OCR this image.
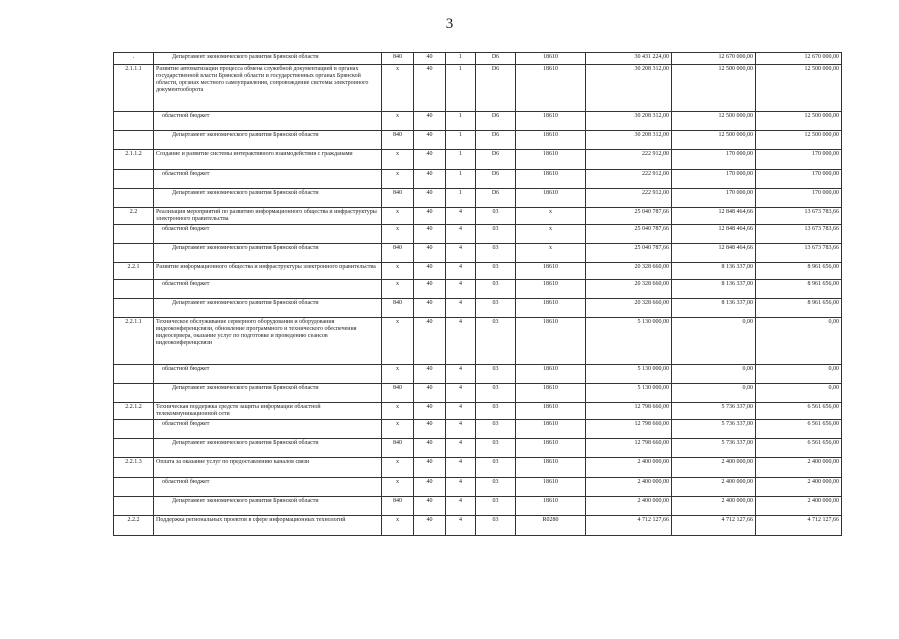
3
.	Департамент экономического развития Брянской области	840	40	1	D6	18610	30 431 224,00	12 670 000,00	12 670 000,00
2.1.1.1	Развитие автоматизации процесса обмена служебной документацией в органах государственной власти Брянской области и государственных органах Брянской области, органах местного самоуправления, сопровождение системы электронного документооборота	x	40	1	D6	18610	30 208 312,00	12 500 000,00	12 500 000,00
	областной бюджет	x	40	1	D6	18610	30 208 312,00	12 500 000,00	12 500 000,00
	Департамент экономического развития Брянской области	840	40	1	D6	18610	30 208 312,00	12 500 000,00	12 500 000,00
2.1.1.2	Создание и развитие системы интерактивного взаимодействия с гражданами	x	40	1	D6	18610	222 912,00	170 000,00	170 000,00
	областной бюджет	x	40	1	D6	18610	222 912,00	170 000,00	170 000,00
	Департамент экономического развития Брянской области	840	40	1	D6	18610	222 912,00	170 000,00	170 000,00
2.2	Реализация мероприятий по развитию информационного общества и инфраструктуры электронного правительства	x	40	4	03	x	25 040 787,66	12 848 464,66	13 673 783,66
	областной бюджет	x	40	4	03	x	25 040 787,66	12 848 464,66	13 673 783,66
	Департамент экономического развития Брянской области	840	40	4	03	x	25 040 787,66	12 848 464,66	13 673 783,66
2.2.1	Развитие информационного общества и инфраструктуры электронного правительства	x	40	4	03	18610	20 328 660,00	8 136 337,00	8 961 656,00
	областной бюджет	x	40	4	03	18610	20 328 660,00	8 136 337,00	8 961 656,00
	Департамент экономического развития Брянской области	840	40	4	03	18610	20 328 660,00	8 136 337,00	8 961 656,00
2.2.1.1	Техническое обслуживание серверного оборудования и оборудования видеоконференцсвязи, обновление программного и технического обеспечения видеосервера, оказание услуг по подготовке и проведению сеансов видеоконференцсвязи	x	40	4	03	18610	5 130 000,00	0,00	0,00
	областной бюджет	x	40	4	03	18610	5 130 000,00	0,00	0,00
	Департамент экономического развития Брянской области	840	40	4	03	18610	5 130 000,00	0,00	0,00
2.2.1.2	Техническая поддержка средств защиты информации областной телекоммуникационной сети	x	40	4	03	18610	12 798 660,00	5 736 337,00	6 561 656,00
	областной бюджет	x	40	4	03	18610	12 798 660,00	5 736 337,00	6 561 656,00
	Департамент экономического развития Брянской области	840	40	4	03	18610	12 798 660,00	5 736 337,00	6 561 656,00
2.2.1.3	Оплата за оказание услуг по предоставлению каналов связи	x	40	4	03	18610	2 400 000,00	2 400 000,00	2 400 000,00
	областной бюджет	x	40	4	03	18610	2 400 000,00	2 400 000,00	2 400 000,00
	Департамент экономического развития Брянской области	840	40	4	03	18610	2 400 000,00	2 400 000,00	2 400 000,00
2.2.2	Поддержка региональных проектов в сфере информационных технологий	x	40	4	03	R0280	4 712 127,66	4 712 127,66	4 712 127,66
